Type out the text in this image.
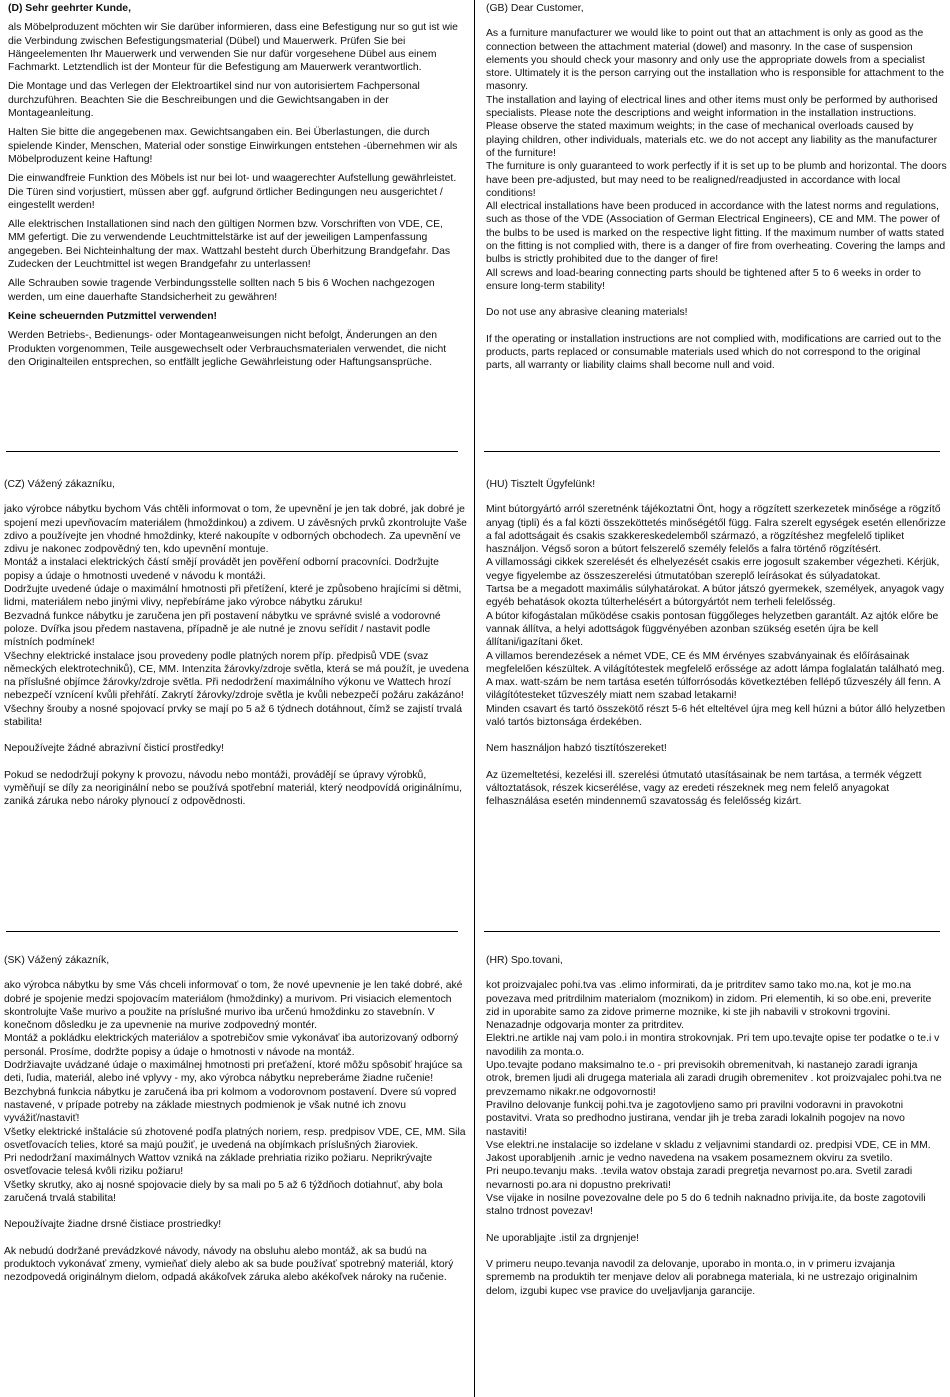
(D) Sehr geehrter Kunde,

als Möbelproduzent möchten wir Sie darüber informieren, dass eine Befestigung nur so gut ist wie die Verbindung zwischen Befestigungsmaterial (Dübel) und Mauerwerk. Prüfen Sie bei Hängeelementen Ihr Mauerwerk und verwenden Sie nur dafür vorgesehene Dübel aus einem Fachmarkt. Letztendlich ist der Monteur für die Befestigung am Mauerwerk verantwortlich.

Die Montage und das Verlegen der Elektroartikel sind nur von autorisiertem Fachpersonal durchzuführen. Beachten Sie die Beschreibungen und die Gewichtsangaben in der Montageanleitung.

Halten Sie bitte die angegebenen max. Gewichtsangaben ein. Bei Überlastungen, die durch spielende Kinder, Menschen, Material oder sonstige Einwirkungen entstehen -übernehmen wir als Möbelproduzent keine Haftung!

Die einwandfreie Funktion des Möbels ist nur bei lot- und waagerechter Aufstellung gewährleistet. Die Türen sind vorjustiert, müssen aber ggf. aufgrund örtlicher Bedingungen neu ausgerichtet / eingestellt werden!

Alle elektrischen Installationen sind nach den gültigen Normen bzw. Vorschriften von VDE, CE, MM gefertigt. Die zu verwendende Leuchtmittelstärke ist auf der jeweiligen Lampenfassung angegeben. Bei Nichteinhaltung der max. Wattzahl besteht durch Überhitzung Brandgefahr. Das Zudecken der Leuchtmittel ist wegen Brandgefahr zu unterlassen!

Alle Schrauben sowie tragende Verbindungsstelle sollten nach 5 bis 6 Wochen nachgezogen werden, um eine dauerhafte Standsicherheit zu gewähren!

Keine scheuernden Putzmittel verwenden!

Werden Betriebs-, Bedienungs- oder Montageanweisungen nicht befolgt, Änderungen an den Produkten vorgenommen, Teile ausgewechselt oder Verbrauchsmaterialen verwendet, die nicht den Originalteilen entsprechen, so entfällt jegliche Gewährleistung oder Haftungsansprüche.

(GB) Dear Customer,

As a furniture manufacturer we would like to point out that an attachment is only as good as the connection between the attachment material (dowel) and masonry. In the case of suspension elements you should check your masonry and only use the appropriate dowels from a specialist store. Ultimately it is the person carrying out the installation who is responsible for attachment to the masonry.

The installation and laying of electrical lines and other items must only be performed by authorised specialists. Please note the descriptions and weight information in the installation instructions.

Please observe the stated maximum weights; in the case of mechanical overloads caused by playing children, other individuals, materials etc. we do not accept any liability as the manufacturer of the furniture!

The furniture is only guaranteed to work perfectly if it is set up to be plumb and horizontal. The doors have been pre-adjusted, but may need to be realigned/readjusted in accordance with local conditions!

All electrical installations have been produced in accordance with the latest norms and regulations, such as those of the VDE (Association of German Electrical Engineers), CE and MM. The power of the bulbs to be used is marked on the respective light fitting. If the maximum number of watts stated on the fitting is not complied with, there is a danger of fire from overheating. Covering the lamps and bulbs is strictly prohibited due to the danger of fire!

All screws and load-bearing connecting parts should be tightened after 5 to 6 weeks in order to ensure long-term stability!

Do not use any abrasive cleaning materials!

If the operating or installation instructions are not complied with, modifications are carried out to the products, parts replaced or consumable materials used which do not correspond to the original parts, all warranty or liability claims shall become null and void.

(CZ) Vážený zákazníku,

jako výrobce nábytku bychom Vás chtěli informovat o tom, že upevnění je jen tak dobré, jak dobré je spojení mezi upevňovacím materiálem (hmoždinkou) a zdivem. U závěsných prvků zkontrolujte Vaše zdivo a používejte jen vhodné hmoždinky, které nakoupíte v odborných obchodech. Za upevnění ve zdivu je nakonec zodpovědný ten, kdo upevnění montuje.

Montáž a instalaci elektrických částí smějí provádět jen pověření odborní pracovníci. Dodržujte popisy a údaje o hmotnosti uvedené v návodu k montáži.

Dodržujte uvedené údaje o maximální hmotnosti při přetížení, které je způsobeno hrajícími si dětmi, lidmi, materiálem nebo jinými vlivy, nepřebíráme jako výrobce nábytku záruku!

Bezvadná funkce nábytku je zaručena jen při postavení nábytku ve správné svislé a vodorovné poloze. Dvířka jsou předem nastavena, případně je ale nutné je znovu seřídit / nastavit podle místních podmínek!

Všechny elektrické instalace jsou provedeny podle platných norem příp. předpisů VDE (svaz německých elektrotechniků), CE, MM. Intenzita žárovky/zdroje světla, která se má použít, je uvedena na příslušné objímce žárovky/zdroje světla. Při nedodržení maximálního výkonu ve Wattech hrozí nebezpečí vznícení kvůli přehřátí. Zakrytí žárovky/zdroje světla je kvůli nebezpečí požáru zakázáno!

Všechny šrouby a nosné spojovací prvky se mají po 5 až 6 týdnech dotáhnout, čímž se zajistí trvalá stabilita!

Nepoužívejte žádné abrazivní čisticí prostředky!

Pokud se nedodržují pokyny k provozu, návodu nebo montáži, provádějí se úpravy výrobků, vyměňují se díly za neoriginální nebo se používá spotřební materiál, který neodpovídá originálnímu, zaniká záruka nebo nároky plynoucí z odpovědnosti.

(HU) Tisztelt Ügyfelünk!

Mint bútorgyártó arról szeretnénk tájékoztatni Önt, hogy a rögzített szerkezetek minősége a rögzítő anyag (tipli) és a fal közti összeköttetés minőségétől függ. Falra szerelt egységek esetén ellenőrizze a fal adottságait és csakis szakkereskedelemből származó, a rögzítéshez megfelelő tipliket használjon. Végső soron a bútort felszerelő személy felelős a falra történő rögzítésért.

A villamossági cikkek szerelését és elhelyezését csakis erre jogosult szakember végezheti. Kérjük, vegye figyelembe az összeszerelési útmutatóban szereplő leírásokat és súlyadatokat.

Tartsa be a megadott maximális súlyhatárokat. A bútor játszó gyermekek, személyek, anyagok vagy egyéb behatások okozta túlterhelésért a bútorgyártót nem terheli felelősség.

A bútor kifogástalan működése csakis pontosan függőleges helyzetben garantált. Az ajtók előre be vannak állítva, a helyi adottságok függvényében azonban szükség esetén újra be kell állítani/igazítani őket.

A villamos berendezések a német VDE, CE és MM érvényes szabványainak és előírásainak megfelelően készültek. A világítótestek megfelelő erőssége az adott lámpa foglalatán található meg.

A max. watt-szám be nem tartása esetén túlforrósodás következtében fellépő tűzveszély áll fenn. A világítótesteket tűzveszély miatt nem szabad letakarni!

Minden csavart és tartó összekötő részt 5-6 hét elteltével újra meg kell húzni a bútor álló helyzetben való tartós biztonsága érdekében.

Nem használjon habzó tisztítószereket!

Az üzemeltetési, kezelési ill. szerelési útmutató utasításainak be nem tartása, a termék végzett változtatások, részek kicserélése, vagy az eredeti részeknek meg nem felelő anyagokat felhasználása esetén mindennemű szavatosság és felelősség kizárt.

(SK) Vážený zákazník,

ako výrobca nábytku by sme Vás chceli informovať o tom, že nové upevnenie je len také dobré, aké dobré je spojenie medzi spojovacím materiálom (hmoždinky) a murivom. Pri visiacich elementoch skontrolujte Vaše murivo a použite na príslušné murivo iba určenú hmoždinku zo stavebnín. V konečnom dôsledku je za upevnenie na murive zodpovedný montér.

Montáž a pokládku elektrických materiálov a spotrebičov smie vykonávať iba autorizovaný odborný personál. Prosíme, dodržte popisy a údaje o hmotnosti v návode na montáž.

Dodržiavajte uvádzané údaje o maximálnej hmotnosti pri preťažení, ktoré môžu spôsobiť hrajúce sa deti, ľudia, materiál, alebo iné vplyvy - my, ako výrobca nábytku nepreberáme žiadne ručenie!

Bezchybná funkcia nábytku je zaručená iba pri kolmom a vodorovnom postavení. Dvere sú vopred nastavené, v prípade potreby na základe miestnych podmienok je však nutné ich znovu vyvážiť/nastaviť!

Všetky elektrické inštalácie sú zhotovené podľa platných noriem, resp. predpisov VDE, CE, MM. Sila osvetľovacích telies, ktoré sa majú použiť, je uvedená na objímkach príslušných žiaroviek.

Pri nedodržaní maximálnych Wattov vzniká na základe prehriatia riziko požiaru. Neprikrývajte osvetľovacie telesá kvôli riziku požiaru!

Všetky skrutky, ako aj nosné spojovacie diely by sa mali po 5 až 6 týždňoch dotiahnuť, aby bola zaručená trvalá stabilita!

Nepoužívajte žiadne drsné čistiace prostriedky!

Ak nebudú dodržané prevádzkové návody, návody na obsluhu alebo montáž, ak sa budú na produktoch vykonávať zmeny, vymieňať diely alebo ak sa bude používať spotrebný materiál, ktorý nezodpovedá originálnym dielom, odpadá akákoľvek záruka alebo akékoľvek nároky na ručenie.

(HR) Spo.tovani,

kot proizvajalec pohi.tva vas .elimo informirati, da je pritrditev samo tako mo.na, kot je mo.na povezava med pritrdilnim materialom (moznikom) in zidom. Pri elementih, ki so obe.eni, preverite zid in uporabite samo za zidove primerne moznike, ki ste jih nabavili v strokovni trgovini. Nenazadnje odgovarja monter za pritrditev.

Elektri.ne artikle naj vam polo.i in montira strokovnjak. Pri tem upo.tevajte opise ter podatke o te.i v navodilih za monta.o.

Upo.tevajte podano maksimalno te.o - pri previsokih obremenitvah, ki nastanejo zaradi igranja otrok, bremen ljudi ali drugega materiala ali zaradi drugih obremenitev . kot proizvajalec pohi.tva ne prevzemamo nikakr.ne odgovornosti!

Pravilno delovanje funkcij pohi.tva je zagotovljeno samo pri pravilni vodoravni in pravokotni postavitvi. Vrata so predhodno justirana, vendar jih je treba zaradi lokalnih pogojev na novo nastaviti!

Vse elektri.ne instalacije so izdelane v skladu z veljavnimi standardi oz. predpisi VDE, CE in MM. Jakost uporabljenih .arnic je vedno navedena na vsakem posameznem okviru za svetilo.

Pri neupo.tevanju maks. .tevila watov obstaja zaradi pregretja nevarnost po.ara. Svetil zaradi nevarnosti po.ara ni dopustno prekrivati!

Vse vijake in nosilne povezovalne dele po 5 do 6 tednih naknadno privija.ite, da boste zagotovili stalno trdnost povezav!

Ne uporabljajte .istil za drgnjenje!

V primeru neupo.tevanja navodil za delovanje, uporabo in monta.o, in v primeru izvajanja sprememb na produktih ter menjave delov ali porabnega materiala, ki ne ustrezajo originalnim delom, izgubi kupec vse pravice do uveljavljanja garancije.
